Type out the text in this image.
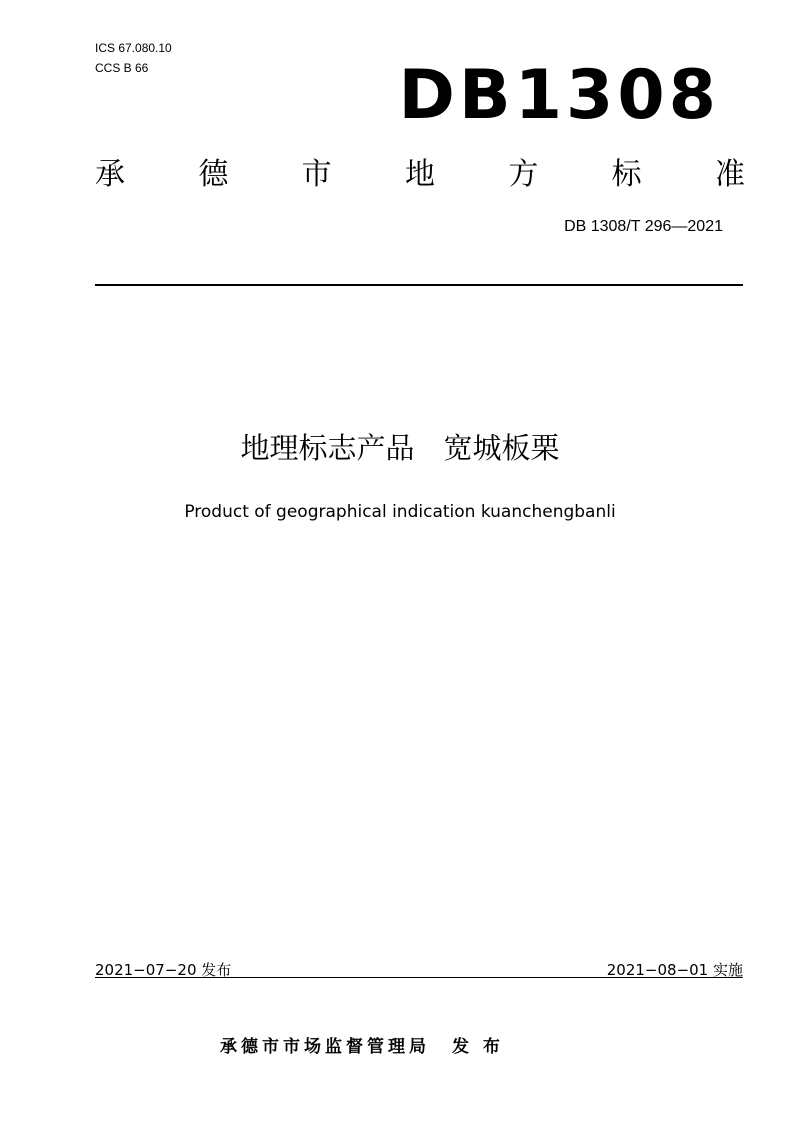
ICS 67.080.10
CCS B 66	DB1308
承 德 市 地 方 标 准
DB 1308/T 296—2021
地理标志产品　宽城板栗
Product of geographical indication kuanchengbanli
2021−07−20 发布	2021−08−01 实施
承德市市场监督管理局 发 布
